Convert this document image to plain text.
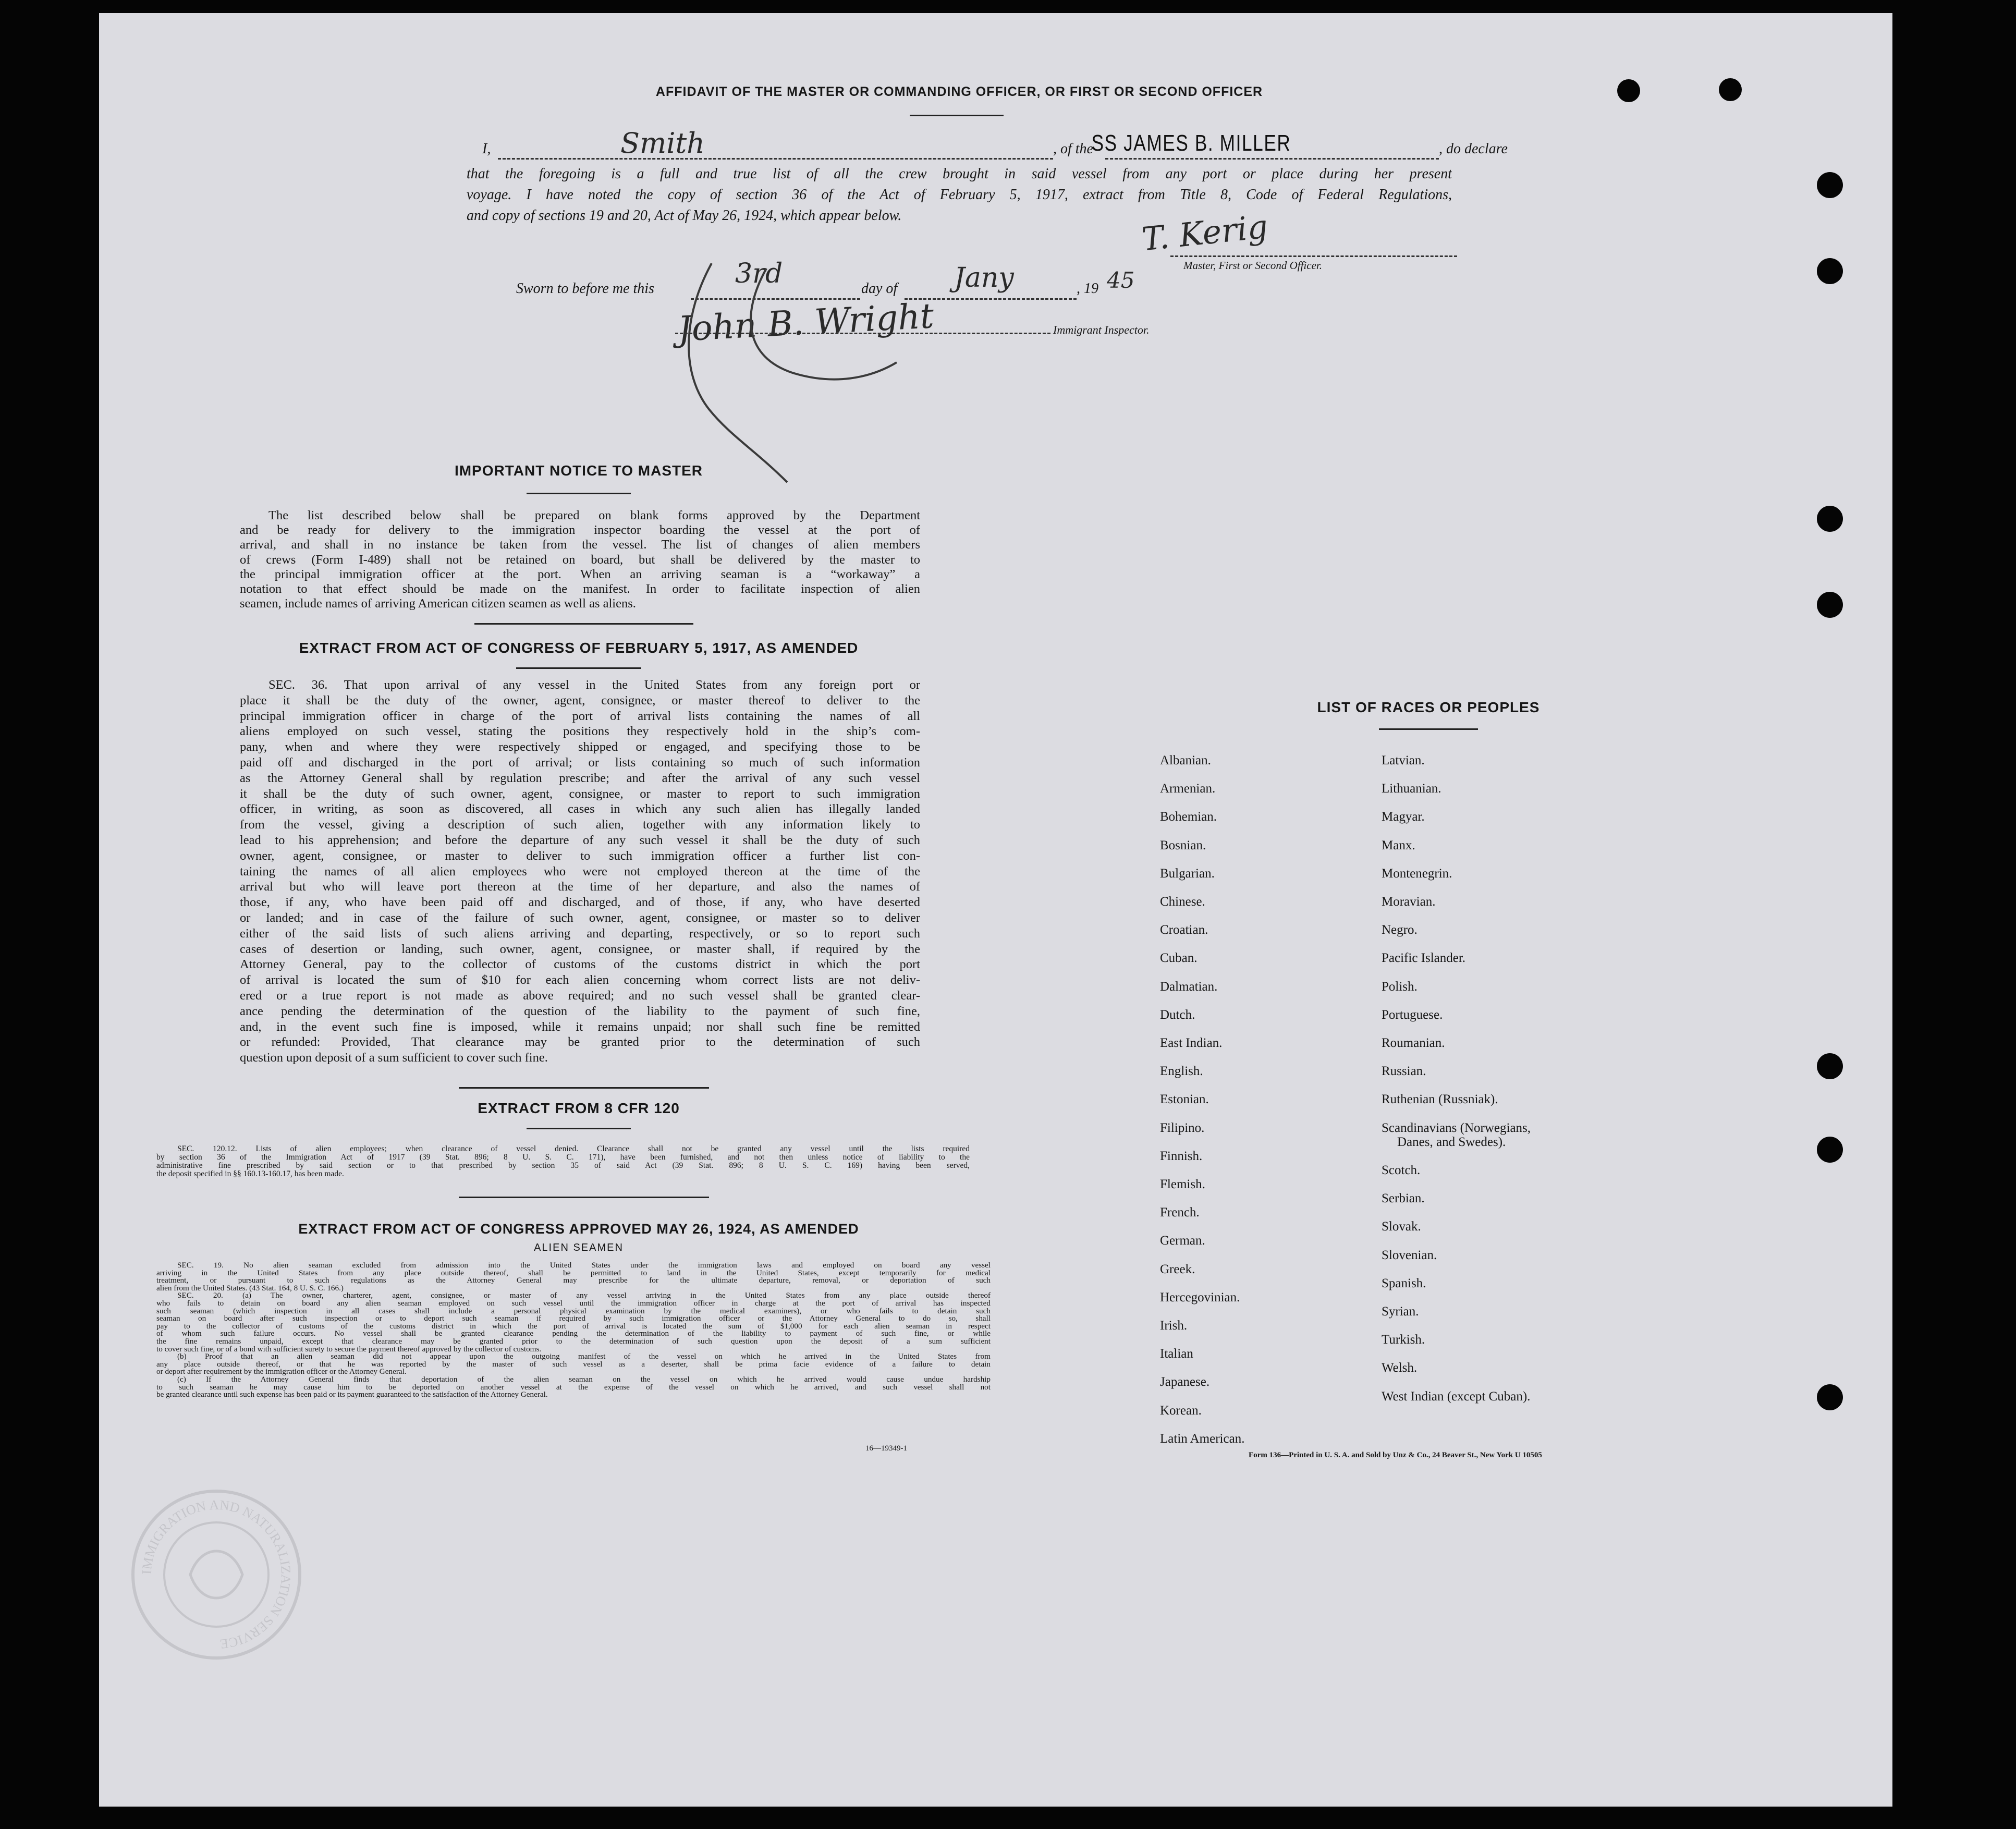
AFFIDAVIT OF THE MASTER OR COMMANDING OFFICER, OR FIRST OR SECOND OFFICER
I,	Smith	, of the
SS JAMES B. MILLER	, do declare
that the foregoing is a full and true list of all the crew brought in said vessel from any port or place during her present
voyage. I have noted the copy of section 36 of the Act of February 5, 1917, extract from Title 8, Code of Federal Regulations,
and copy of sections 19 and 20, Act of May 26, 1924, which appear below.	T. Kerig
Master, First or Second Officer.
Sworn to before me this	3rd	day of Jany	, 19 45
John B. Wright	Immigrant Inspector.
IMPORTANT NOTICE TO MASTER
The list described below shall be prepared on blank forms approved by the Department
and be ready for delivery to the immigration inspector boarding the vessel at the port of
arrival, and shall in no instance be taken from the vessel. The list of changes of alien members
of crews (Form I-489) shall not be retained on board, but shall be delivered by the master to
the principal immigration officer at the port. When an arriving seaman is a “workaway” a
notation to that effect should be made on the manifest. In order to facilitate inspection of alien
seamen, include names of arriving American citizen seamen as well as aliens.
EXTRACT FROM ACT OF CONGRESS OF FEBRUARY 5, 1917, AS AMENDED
SEC. 36. That upon arrival of any vessel in the United States from any foreign port or
place it shall be the duty of the owner, agent, consignee, or master thereof to deliver to the
principal immigration officer in charge of the port of arrival lists containing the names of all
aliens employed on such vessel, stating the positions they respectively hold in the ship’s com-
pany, when and where they were respectively shipped or engaged, and specifying those to be
paid off and discharged in the port of arrival; or lists containing so much of such information
as the Attorney General shall by regulation prescribe; and after the arrival of any such vessel
it shall be the duty of such owner, agent, consignee, or master to report to such immigration
officer, in writing, as soon as discovered, all cases in which any such alien has illegally landed
from the vessel, giving a description of such alien, together with any information likely to
lead to his apprehension; and before the departure of any such vessel it shall be the duty of such
owner, agent, consignee, or master to deliver to such immigration officer a further list con-
taining the names of all alien employees who were not employed thereon at the time of the
arrival but who will leave port thereon at the time of her departure, and also the names of
those, if any, who have been paid off and discharged, and of those, if any, who have deserted
or landed; and in case of the failure of such owner, agent, consignee, or master so to deliver
either of the said lists of such aliens arriving and departing, respectively, or so to report such
cases of desertion or landing, such owner, agent, consignee, or master shall, if required by the
Attorney General, pay to the collector of customs of the customs district in which the port
of arrival is located the sum of $10 for each alien concerning whom correct lists are not deliv-
ered or a true report is not made as above required; and no such vessel shall be granted clear-
ance pending the determination of the question of the liability to the payment of such fine,
and, in the event such fine is imposed, while it remains unpaid; nor shall such fine be remitted
or refunded: Provided, That clearance may be granted prior to the determination of such
question upon deposit of a sum sufficient to cover such fine.
EXTRACT FROM 8 CFR 120
SEC. 120.12. Lists of alien employees; when clearance of vessel denied. Clearance shall not be granted any vessel until the lists required
by section 36 of the Immigration Act of 1917 (39 Stat. 896; 8 U. S. C. 171), have been furnished, and not then unless notice of liability to the
administrative fine prescribed by said section or to that prescribed by section 35 of said Act (39 Stat. 896; 8 U. S. C. 169) having been served,
the deposit specified in §§ 160.13-160.17, has been made.
EXTRACT FROM ACT OF CONGRESS APPROVED MAY 26, 1924, AS AMENDED
ALIEN SEAMEN
SEC. 19. No alien seaman excluded from admission into the United States under the immigration laws and employed on board any vessel
arriving in the United States from any place outside thereof, shall be permitted to land in the United States, except temporarily for medical
treatment, or pursuant to such regulations as the Attorney General may prescribe for the ultimate departure, removal, or deportation of such
alien from the United States. (43 Stat. 164, 8 U. S. C. 166.)
SEC. 20. (a) The owner, charterer, agent, consignee, or master of any vessel arriving in the United States from any place outside thereof
who fails to detain on board any alien seaman employed on such vessel until the immigration officer in charge at the port of arrival has inspected
such seaman (which inspection in all cases shall include a personal physical examination by the medical examiners), or who fails to detain such
seaman on board after such inspection or to deport such seaman if required by such immigration officer or the Attorney General to do so, shall
pay to the collector of customs of the customs district in which the port of arrival is located the sum of $1,000 for each alien seaman in respect
of whom such failure occurs. No vessel shall be granted clearance pending the determination of the liability to payment of such fine, or while
the fine remains unpaid, except that clearance may be granted prior to the determination of such question upon the deposit of a sum sufficient
to cover such fine, or of a bond with sufficient surety to secure the payment thereof approved by the collector of customs.
(b) Proof that an alien seaman did not appear upon the outgoing manifest of the vessel on which he arrived in the United States from
any place outside thereof, or that he was reported by the master of such vessel as a deserter, shall be prima facie evidence of a failure to detain
or deport after requirement by the immigration officer or the Attorney General.
(c) If the Attorney General finds that deportation of the alien seaman on the vessel on which he arrived would cause undue hardship
to such seaman he may cause him to be deported on another vessel at the expense of the vessel on which he arrived, and such vessel shall not
be granted clearance until such expense has been paid or its payment guaranteed to the satisfaction of the Attorney General.
16—19349-1
LIST OF RACES OR PEOPLES
Albanian.
Armenian.
Bohemian.
Bosnian.
Bulgarian.
Chinese.
Croatian.
Cuban.
Dalmatian.
Dutch.
East Indian.
English.
Estonian.
Filipino.
Finnish.
Flemish.
French.
German.
Greek.
Hercegovinian.
Irish.
Italian
Japanese.
Korean.
Latin American.
Latvian.
Lithuanian.
Magyar.
Manx.
Montenegrin.
Moravian.
Negro.
Pacific Islander.
Polish.
Portuguese.
Roumanian.
Russian.
Ruthenian (Russniak).
Scandinavians (Norwegians,
Danes, and Swedes).
Scotch.
Serbian.
Slovak.
Slovenian.
Spanish.
Syrian.
Turkish.
Welsh.
West Indian (except Cuban).
Form 136—Printed in U. S. A. and Sold by Unz & Co., 24 Beaver St., New York U 10505
IMMIGRATION AND NATURALIZATION SERVICE
